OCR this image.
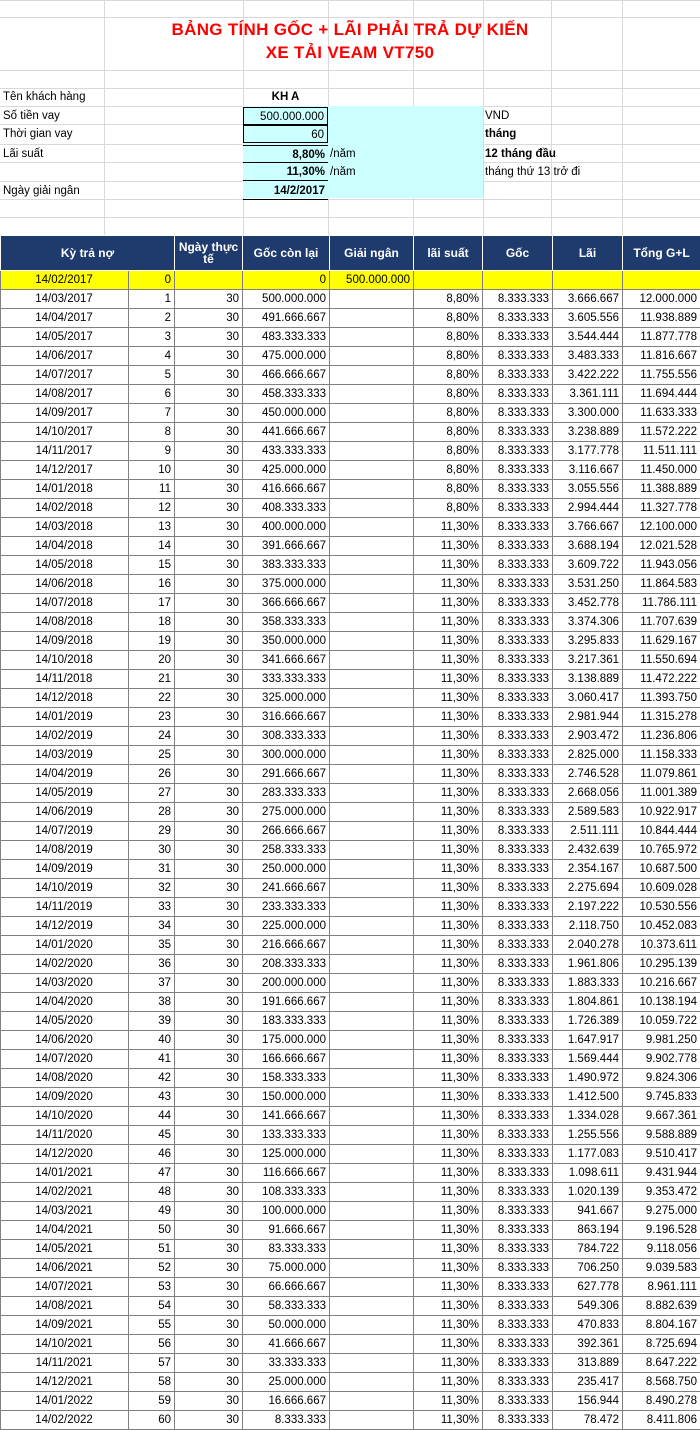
BẢNG TÍNH GỐC + LÃI PHẢI TRẢ DỰ KIẾN
XE TẢI VEAM VT750
Tên khách hàng	KH A
Số tiền vay	500.000.000	VND
Thời gian vay	60	tháng
Lãi suất	8,80% /năm	12 tháng đầu
11,30% /năm	tháng thứ 13 trở đi
Ngày giải ngân	14/2/2017
Kỳ trả nợ		Ngày thực tế	Gốc còn lại	Giải ngân	lãi suất	Gốc	Lãi	Tổng G+L
14/02/2017	0		0	500.000.000				
14/03/2017	1	30	500.000.000		8,80%	8.333.333	3.666.667	12.000.000
14/04/2017	2	30	491.666.667		8,80%	8.333.333	3.605.556	11.938.889
14/05/2017	3	30	483.333.333		8,80%	8.333.333	3.544.444	11.877.778
14/06/2017	4	30	475.000.000		8,80%	8.333.333	3.483.333	11.816.667
14/07/2017	5	30	466.666.667		8,80%	8.333.333	3.422.222	11.755.556
14/08/2017	6	30	458.333.333		8,80%	8.333.333	3.361.111	11.694.444
14/09/2017	7	30	450.000.000		8,80%	8.333.333	3.300.000	11.633.333
14/10/2017	8	30	441.666.667		8,80%	8.333.333	3.238.889	11.572.222
14/11/2017	9	30	433.333.333		8,80%	8.333.333	3.177.778	11.511.111
14/12/2017	10	30	425.000.000		8,80%	8.333.333	3.116.667	11.450.000
14/01/2018	11	30	416.666.667		8,80%	8.333.333	3.055.556	11.388.889
14/02/2018	12	30	408.333.333		8,80%	8.333.333	2.994.444	11.327.778
14/03/2018	13	30	400.000.000		11,30%	8.333.333	3.766.667	12.100.000
14/04/2018	14	30	391.666.667		11,30%	8.333.333	3.688.194	12.021.528
14/05/2018	15	30	383.333.333		11,30%	8.333.333	3.609.722	11.943.056
14/06/2018	16	30	375.000.000		11,30%	8.333.333	3.531.250	11.864.583
14/07/2018	17	30	366.666.667		11,30%	8.333.333	3.452.778	11.786.111
14/08/2018	18	30	358.333.333		11,30%	8.333.333	3.374.306	11.707.639
14/09/2018	19	30	350.000.000		11,30%	8.333.333	3.295.833	11.629.167
14/10/2018	20	30	341.666.667		11,30%	8.333.333	3.217.361	11.550.694
14/11/2018	21	30	333.333.333		11,30%	8.333.333	3.138.889	11.472.222
14/12/2018	22	30	325.000.000		11,30%	8.333.333	3.060.417	11.393.750
14/01/2019	23	30	316.666.667		11,30%	8.333.333	2.981.944	11.315.278
14/02/2019	24	30	308.333.333		11,30%	8.333.333	2.903.472	11.236.806
14/03/2019	25	30	300.000.000		11,30%	8.333.333	2.825.000	11.158.333
14/04/2019	26	30	291.666.667		11,30%	8.333.333	2.746.528	11.079.861
14/05/2019	27	30	283.333.333		11,30%	8.333.333	2.668.056	11.001.389
14/06/2019	28	30	275.000.000		11,30%	8.333.333	2.589.583	10.922.917
14/07/2019	29	30	266.666.667		11,30%	8.333.333	2.511.111	10.844.444
14/08/2019	30	30	258.333.333		11,30%	8.333.333	2.432.639	10.765.972
14/09/2019	31	30	250.000.000		11,30%	8.333.333	2.354.167	10.687.500
14/10/2019	32	30	241.666.667		11,30%	8.333.333	2.275.694	10.609.028
14/11/2019	33	30	233.333.333		11,30%	8.333.333	2.197.222	10.530.556
14/12/2019	34	30	225.000.000		11,30%	8.333.333	2.118.750	10.452.083
14/01/2020	35	30	216.666.667		11,30%	8.333.333	2.040.278	10.373.611
14/02/2020	36	30	208.333.333		11,30%	8.333.333	1.961.806	10.295.139
14/03/2020	37	30	200.000.000		11,30%	8.333.333	1.883.333	10.216.667
14/04/2020	38	30	191.666.667		11,30%	8.333.333	1.804.861	10.138.194
14/05/2020	39	30	183.333.333		11,30%	8.333.333	1.726.389	10.059.722
14/06/2020	40	30	175.000.000		11,30%	8.333.333	1.647.917	9.981.250
14/07/2020	41	30	166.666.667		11,30%	8.333.333	1.569.444	9.902.778
14/08/2020	42	30	158.333.333		11,30%	8.333.333	1.490.972	9.824.306
14/09/2020	43	30	150.000.000		11,30%	8.333.333	1.412.500	9.745.833
14/10/2020	44	30	141.666.667		11,30%	8.333.333	1.334.028	9.667.361
14/11/2020	45	30	133.333.333		11,30%	8.333.333	1.255.556	9.588.889
14/12/2020	46	30	125.000.000		11,30%	8.333.333	1.177.083	9.510.417
14/01/2021	47	30	116.666.667		11,30%	8.333.333	1.098.611	9.431.944
14/02/2021	48	30	108.333.333		11,30%	8.333.333	1.020.139	9.353.472
14/03/2021	49	30	100.000.000		11,30%	8.333.333	941.667	9.275.000
14/04/2021	50	30	91.666.667		11,30%	8.333.333	863.194	9.196.528
14/05/2021	51	30	83.333.333		11,30%	8.333.333	784.722	9.118.056
14/06/2021	52	30	75.000.000		11,30%	8.333.333	706.250	9.039.583
14/07/2021	53	30	66.666.667		11,30%	8.333.333	627.778	8.961.111
14/08/2021	54	30	58.333.333		11,30%	8.333.333	549.306	8.882.639
14/09/2021	55	30	50.000.000		11,30%	8.333.333	470.833	8.804.167
14/10/2021	56	30	41.666.667		11,30%	8.333.333	392.361	8.725.694
14/11/2021	57	30	33.333.333		11,30%	8.333.333	313.889	8.647.222
14/12/2021	58	30	25.000.000		11,30%	8.333.333	235.417	8.568.750
14/01/2022	59	30	16.666.667		11,30%	8.333.333	156.944	8.490.278
14/02/2022	60	30	8.333.333		11,30%	8.333.333	78.472	8.411.806
